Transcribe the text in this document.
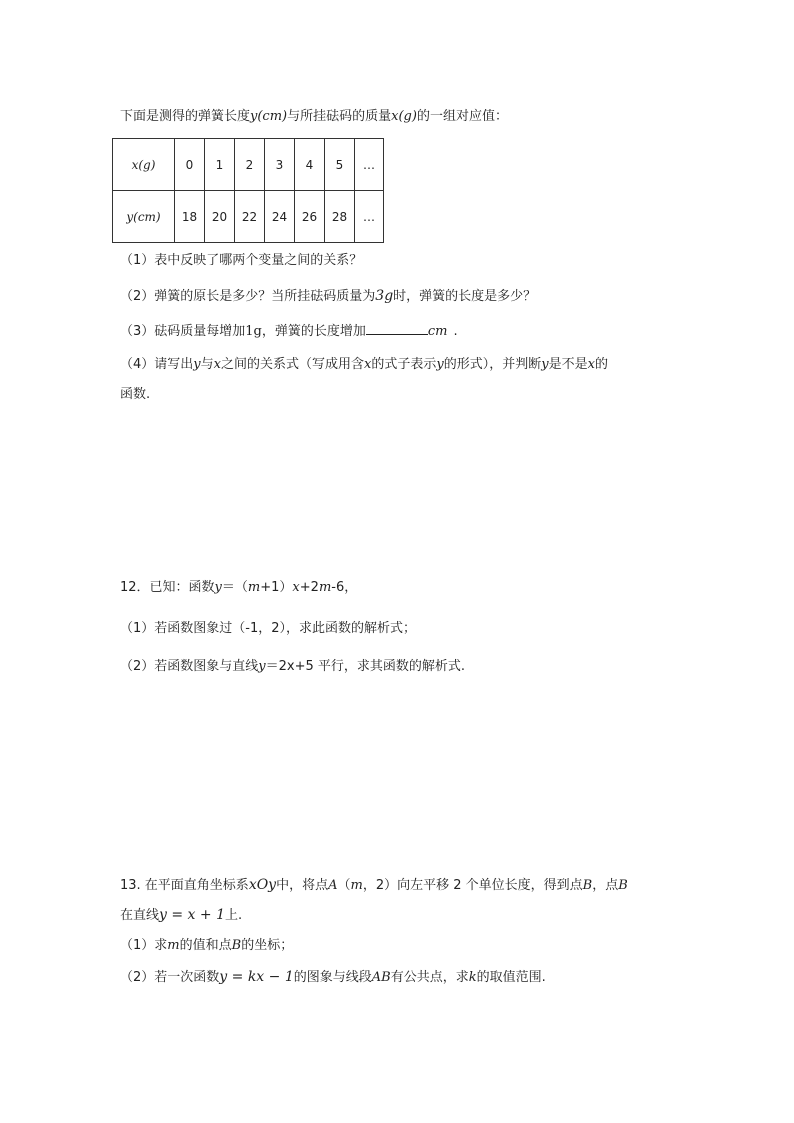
下面是测得的弹簧长度y(cm)与所挂砝码的质量x(g)的一组对应值：
x(g)	0	1	2	3	4	5	…
y(cm)	18	20	22	24	26	28	…
（1）表中反映了哪两个变量之间的关系？
（2）弹簧的原长是多少？当所挂砝码质量为3g时，弹簧的长度是多少？
（3）砝码质量每增加1g，弹簧的长度增加	cm .
（4）请写出y与x之间的关系式（写成用含x的式子表示y的形式），并判断y是不是x的
函数.
12．已知：函数y＝（m+1）x+2m-6，
（1）若函数图象过（-1，2），求此函数的解析式；
（2）若函数图象与直线y＝2x+5 平行，求其函数的解析式.
13. 在平面直角坐标系xOy中，将点A（m，2）向左平移 2 个单位长度，得到点B，点B
在直线y = x + 1上.
（1）求m的值和点B的坐标；
（2）若一次函数y = kx − 1的图象与线段AB有公共点，求k的取值范围.
